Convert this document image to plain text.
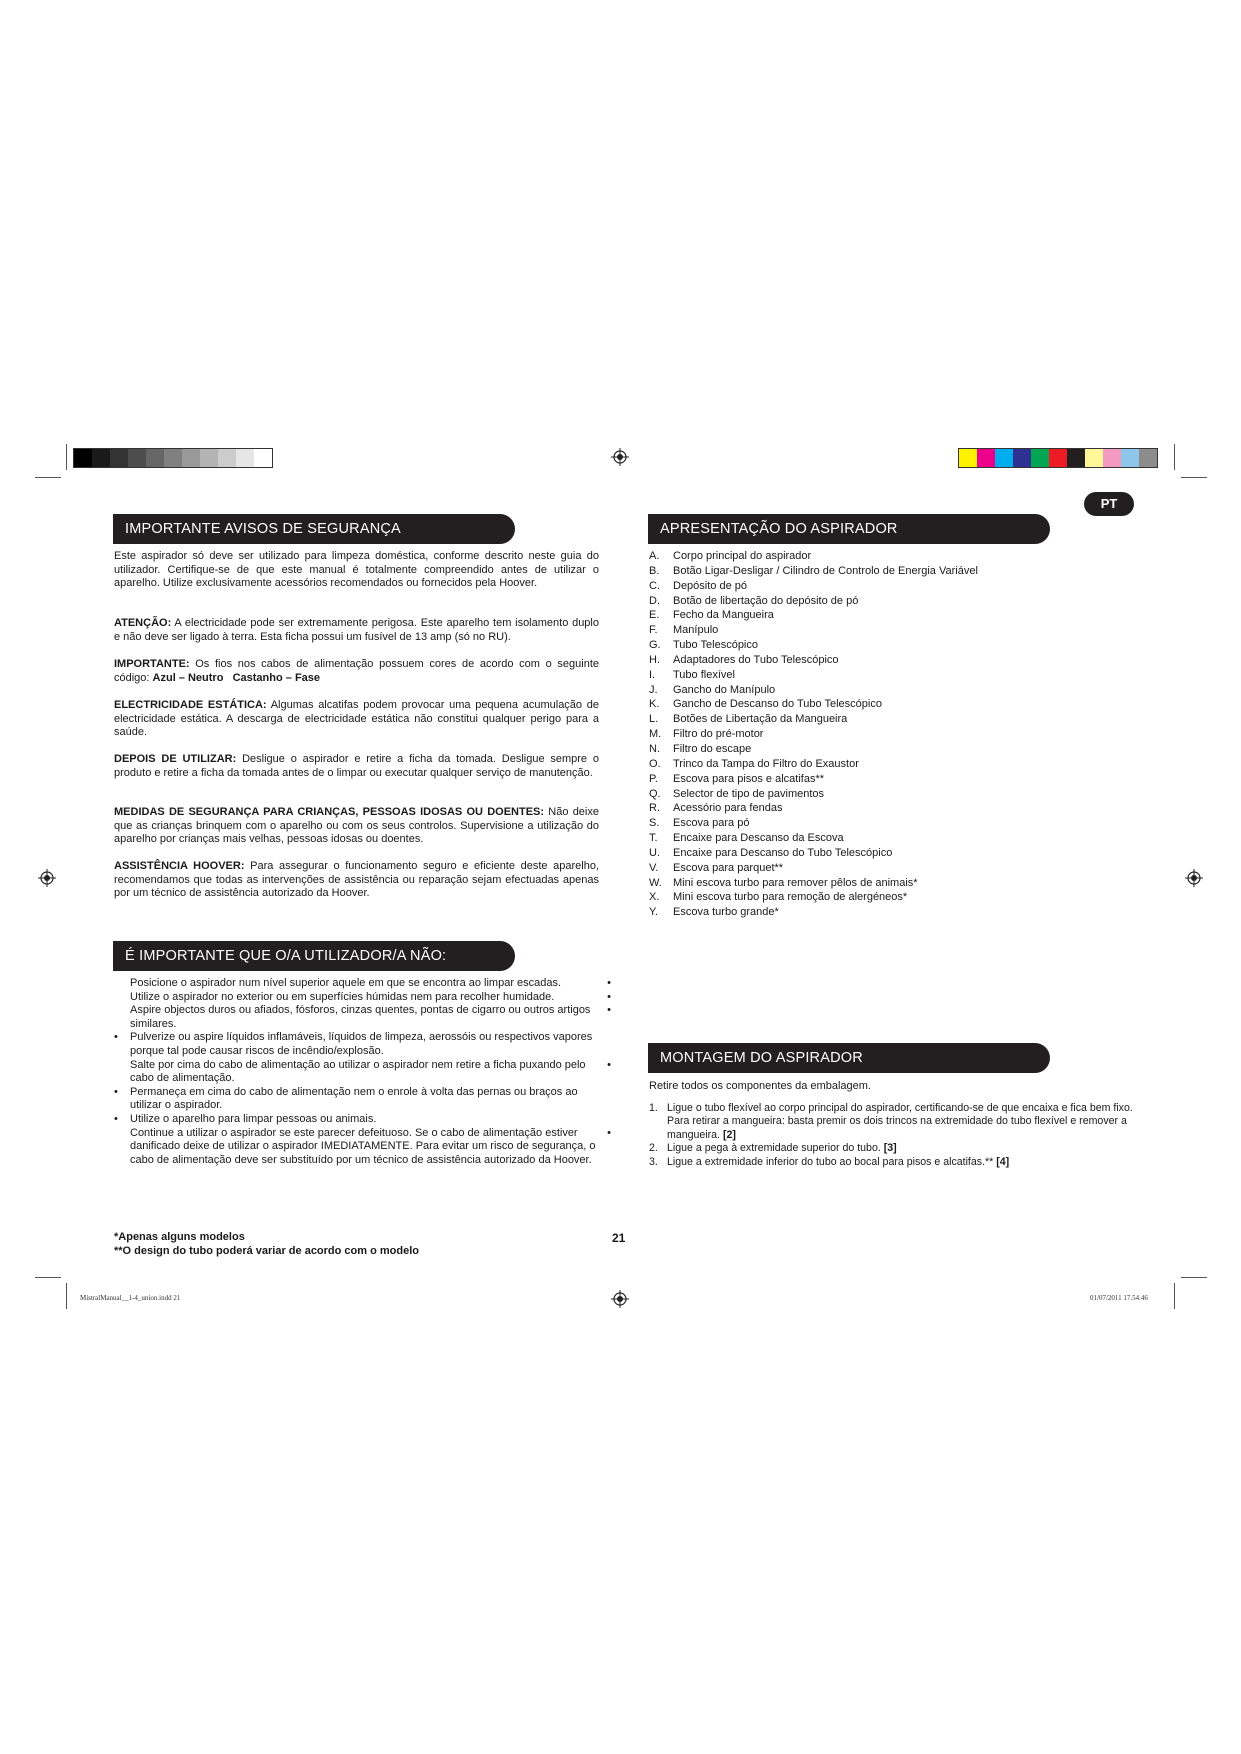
PT
IMPORTANTE AVISOS DE SEGURANÇA
Este aspirador só deve ser utilizado para limpeza doméstica, conforme descrito neste guia do utilizador. Certifique-se de que este manual é totalmente compreendido antes de utilizar o aparelho. Utilize exclusivamente acessórios recomendados ou fornecidos pela Hoover.
ATENÇÃO: A electricidade pode ser extremamente perigosa. Este aparelho tem isolamento duplo e não deve ser ligado à terra. Esta ficha possui um fusível de 13 amp (só no RU).
IMPORTANTE: Os fios nos cabos de alimentação possuem cores de acordo com o seguinte código: Azul – Neutro   Castanho – Fase
ELECTRICIDADE ESTÁTICA: Algumas alcatifas podem provocar uma pequena acumulação de electricidade estática. A descarga de electricidade estática não constitui qualquer perigo para a saúde.
DEPOIS DE UTILIZAR: Desligue o aspirador e retire a ficha da tomada. Desligue sempre o produto e retire a ficha da tomada antes de o limpar ou executar qualquer serviço de manutenção.
MEDIDAS DE SEGURANÇA PARA CRIANÇAS, PESSOAS IDOSAS OU DOENTES: Não deixe que as crianças brinquem com o aparelho ou com os seus controlos. Supervisione a utilização do aparelho por crianças mais velhas, pessoas idosas ou doentes.
ASSISTÊNCIA HOOVER: Para assegurar o funcionamento seguro e eficiente deste aparelho, recomendamos que todas as intervenções de assistência ou reparação sejam efectuadas apenas por um técnico de assistência autorizado da Hoover.
É IMPORTANTE QUE O/A UTILIZADOR/A NÃO:
Posicione o aspirador num nível superior aquele em que se encontra ao limpar escadas.	•
Utilize o aspirador no exterior ou em superfícies húmidas nem para recolher humidade.	•
Aspire objectos duros ou afiados, fósforos, cinzas quentes, pontas de cigarro ou outros artigos similares.
•
• Pulverize ou aspire líquidos inflamáveis, líquidos de limpeza, aerossóis ou respectivos vapores porque tal pode causar riscos de incêndio/explosão.
Salte por cima do cabo de alimentação ao utilizar o aspirador nem retire a ficha puxando pelo cabo de alimentação.
•
• Permaneça em cima do cabo de alimentação nem o enrole à volta das pernas ou braços ao utilizar o aspirador.
• Utilize o aparelho para limpar pessoas ou animais.
Continue a utilizar o aspirador se este parecer defeituoso. Se o cabo de alimentação estiver danificado deixe de utilizar o aspirador IMEDIATAMENTE. Para evitar um risco de segurança, o cabo de alimentação deve ser substituído por um técnico de assistência autorizado da Hoover.
•
*Apenas alguns modelos
**O design do tubo poderá variar de acordo com o modelo
21
APRESENTAÇÃO DO ASPIRADOR
A.	Corpo principal do aspirador
B.	Botão Ligar-Desligar / Cilindro de Controlo de Energia Variável
C.	Depósito de pó
D.	Botão de libertação do depósito de pó
E.	Fecho da Mangueira
F.	Manípulo
G.	Tubo Telescópico
H.	Adaptadores do Tubo Telescópico
I.	Tubo flexível
J.	Gancho do Manípulo
K.	Gancho de Descanso do Tubo Telescópico
L.	Botões de Libertação da Mangueira
M.	Filtro do pré-motor
N.	Filtro do escape
O.	Trinco da Tampa do Filtro do Exaustor
P.	Escova para pisos e alcatifas**
Q.	Selector de tipo de pavimentos
R.	Acessório para fendas
S.	Escova para pó
T.	Encaixe para Descanso da Escova
U.	Encaixe para Descanso do Tubo Telescópico
V.	Escova para parquet**
W.	Mini escova turbo para remover pêlos de animais*
X.	Mini escova turbo para remoção de alergéneos*
Y.	Escova turbo grande*
MONTAGEM DO ASPIRADOR
Retire todos os componentes da embalagem.
1. Ligue o tubo flexível ao corpo principal do aspirador, certificando-se de que encaixa e fica bem fixo. Para retirar a mangueira: basta premir os dois trincos na extremidade do tubo flexível e remover a mangueira. [2]
2. Ligue a pega à extremidade superior do tubo. [3]
3. Ligue a extremidade inferior do tubo ao bocal para pisos e alcatifas.** [4]
MistralManual__1-4_union.indd 21	01/07/2011 17.54.46
